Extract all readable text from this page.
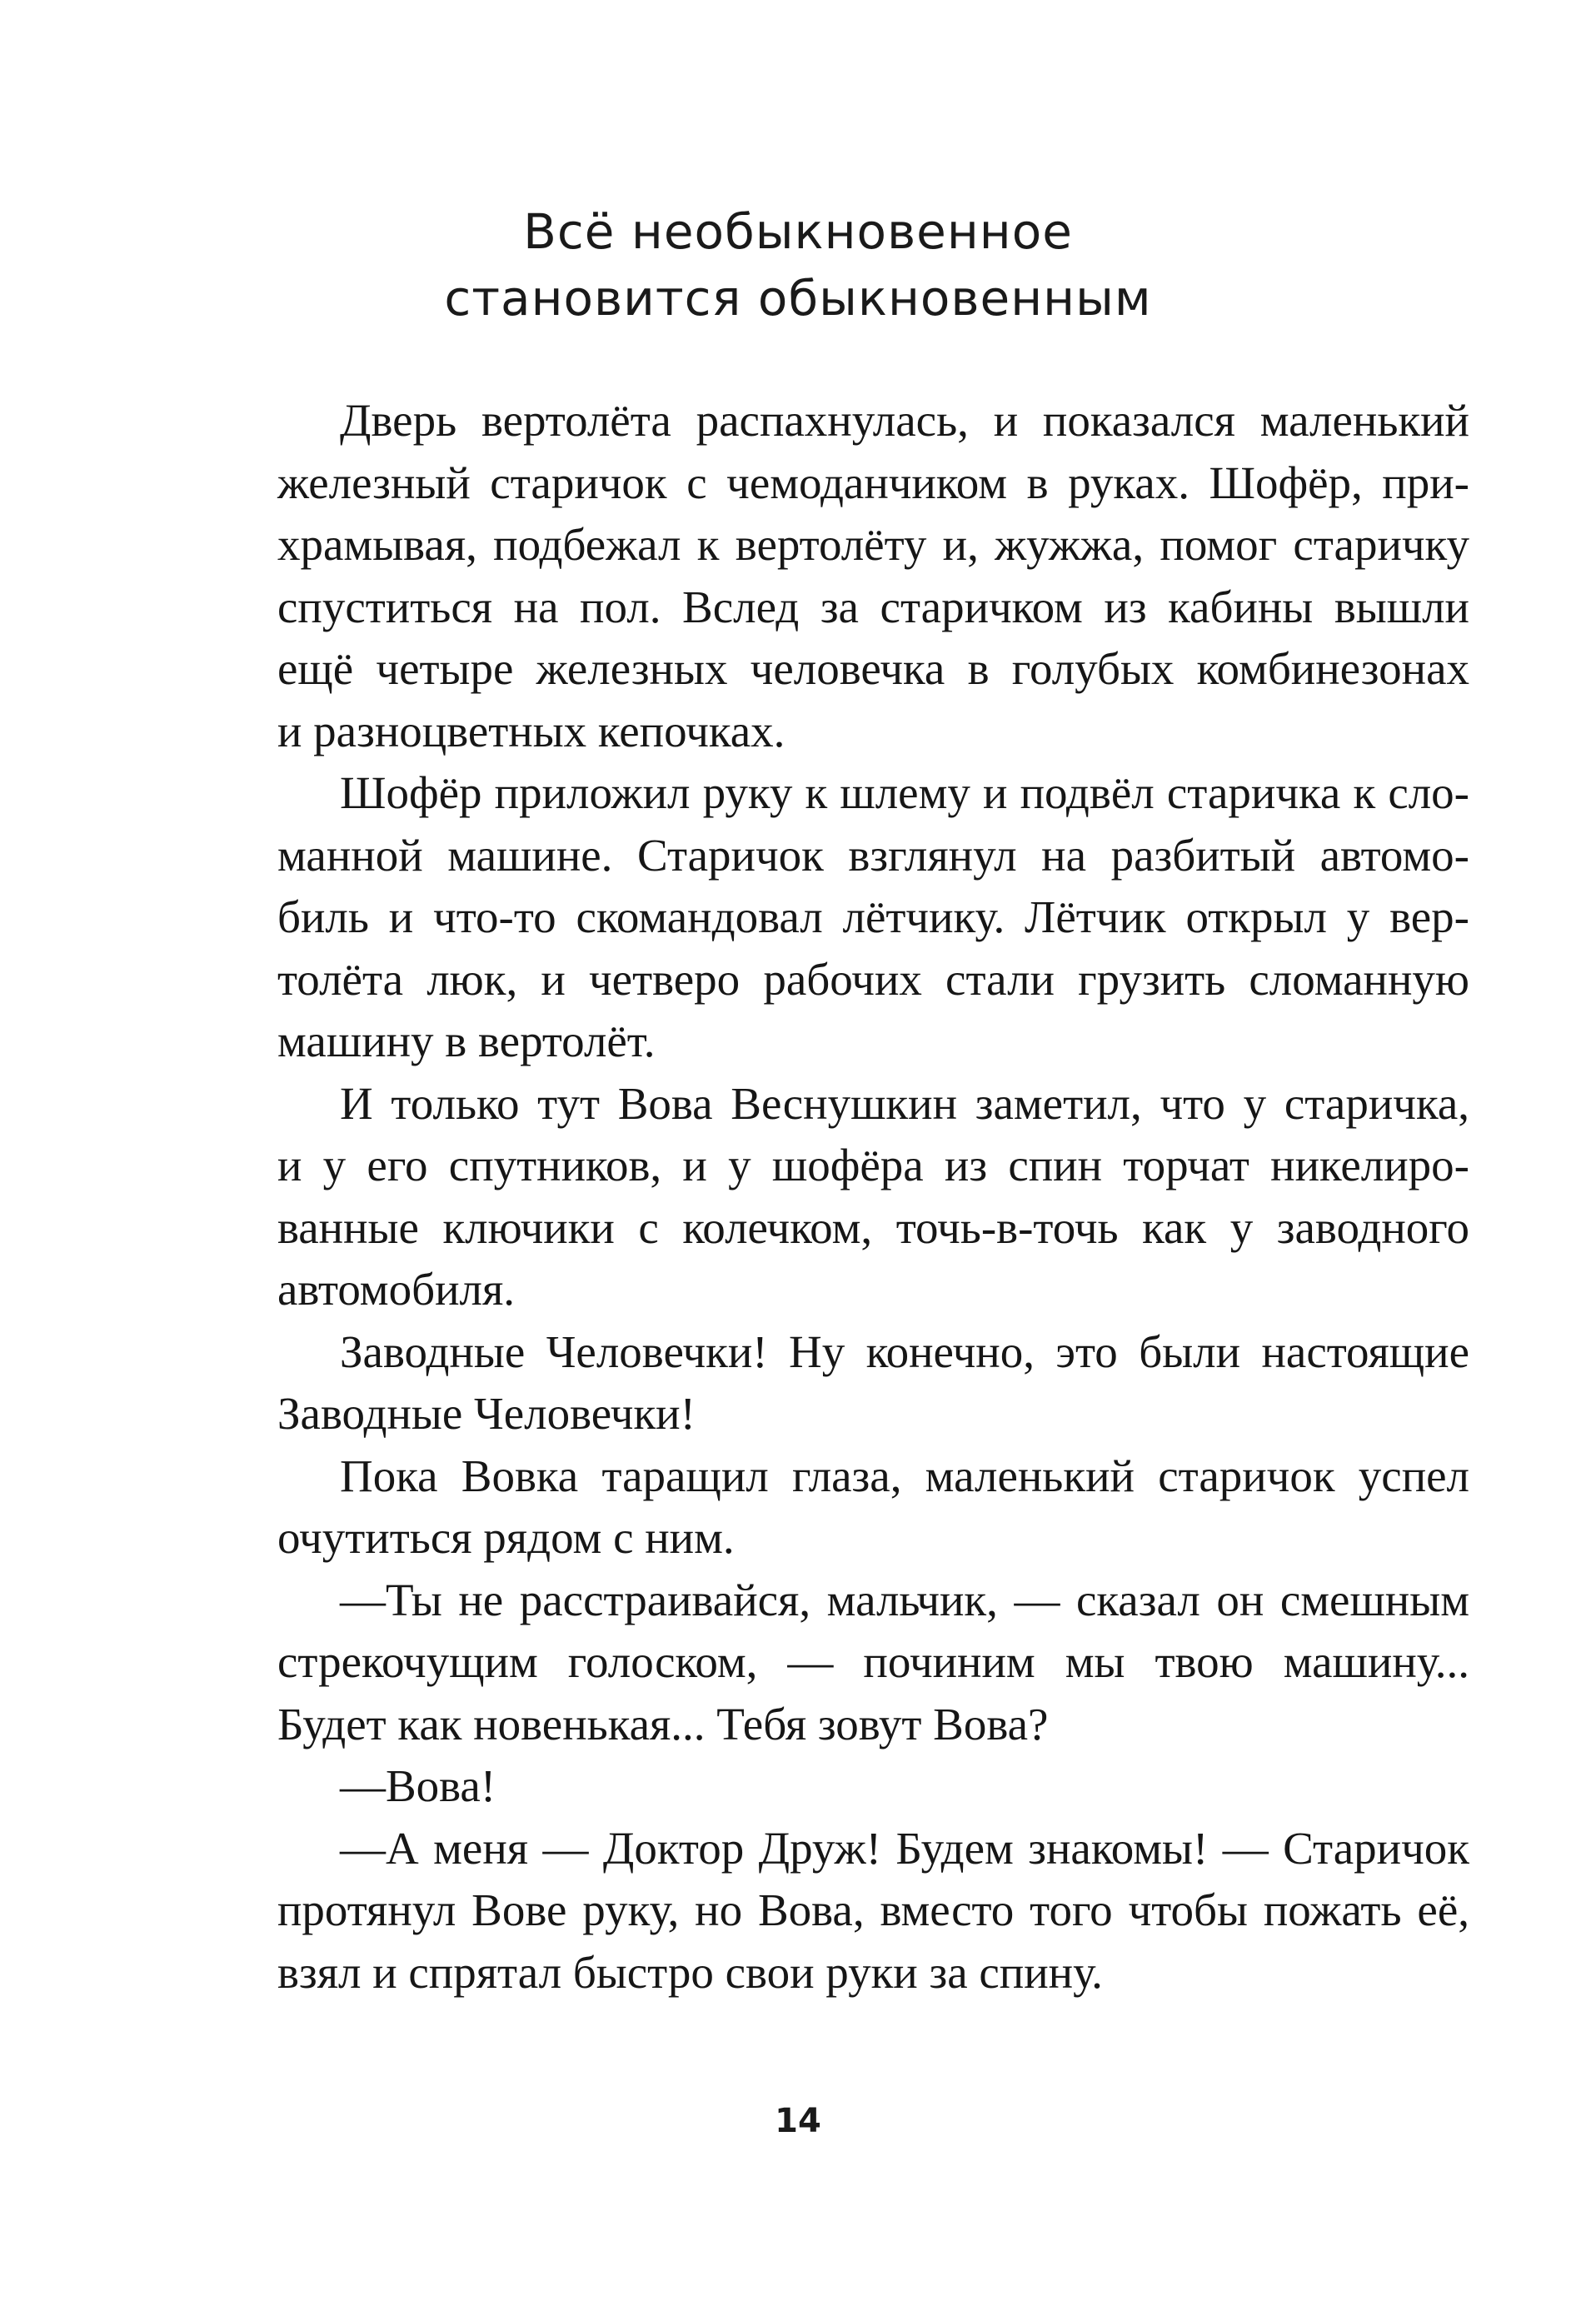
Всё необыкновенное
становится обыкновенным
Дверь вертолёта распахнулась, и показался маленький
железный старичок с чемоданчиком в руках. Шофёр, при-
храмывая, подбежал к вертолёту и, жужжа, помог старичку
спуститься на пол. Вслед за старичком из кабины вышли
ещё четыре железных человечка в голубых комбинезонах
и разноцветных кепочках.
Шофёр приложил руку к шлему и подвёл старичка к сло-
манной машине. Старичок взглянул на разбитый автомо-
биль и что-то скомандовал лётчику. Лётчик открыл у вер-
толёта люк, и четверо рабочих стали грузить сломанную
машину в вертолёт.
И только тут Вова Веснушкин заметил, что у старичка,
и у его спутников, и у шофёра из спин торчат никелиро-
ванные ключики с колечком, точь-в-точь как у заводного
автомобиля.
Заводные Человечки! Ну конечно, это были настоящие
Заводные Человечки!
Пока Вовка таращил глаза, маленький старичок успел
очутиться рядом с ним.
—Ты не расстраивайся, мальчик, — сказал он смешным
стрекочущим голоском, — починим мы твою машину...
Будет как новенькая... Тебя зовут Вова?
—Вова!
—А меня — Доктор Друж! Будем знакомы! — Старичок
протянул Вове руку, но Вова, вместо того чтобы пожать её,
взял и спрятал быстро свои руки за спину.
14
